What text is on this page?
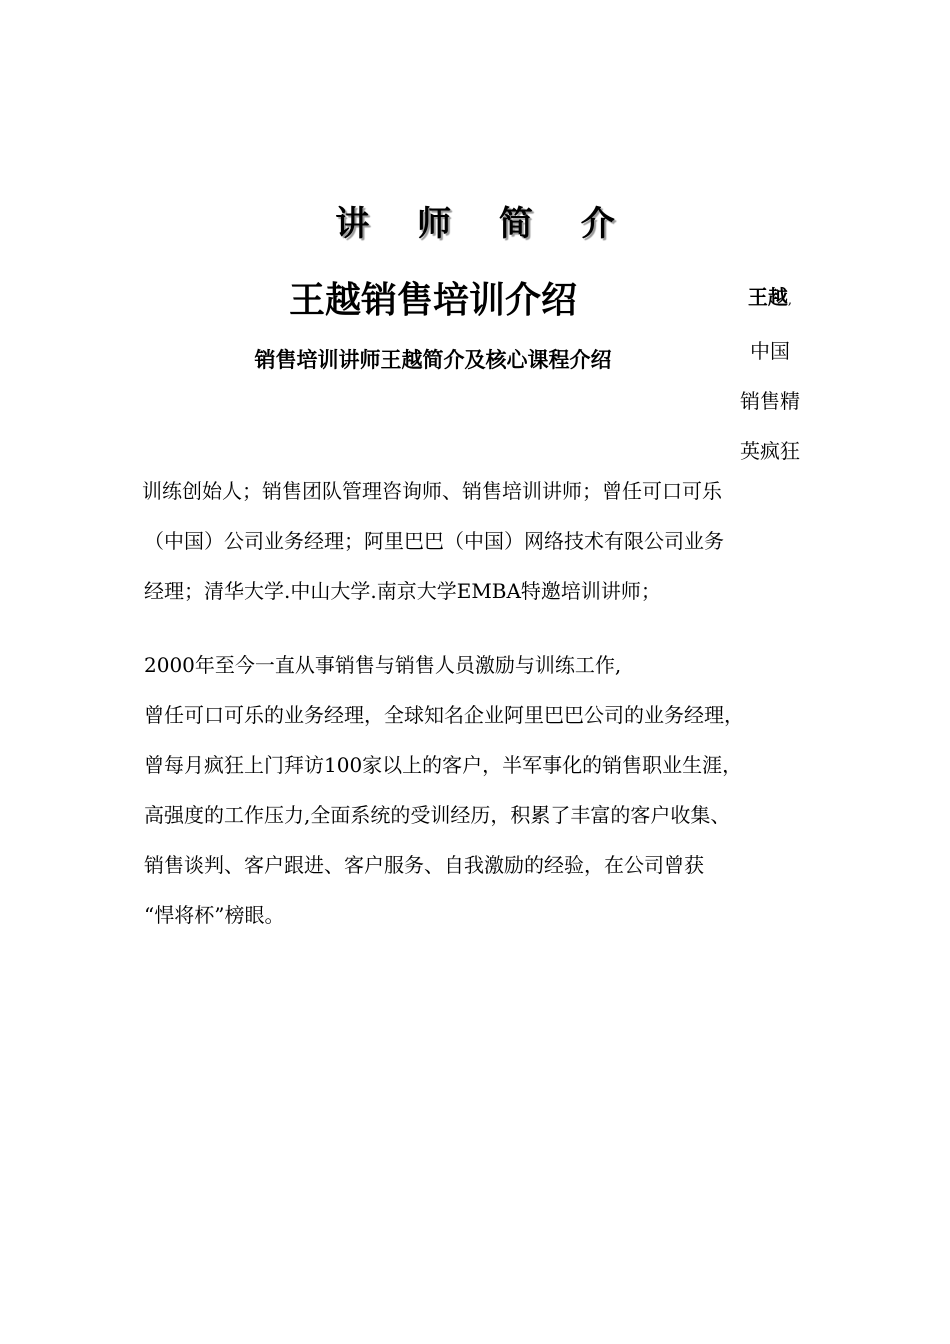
讲 师 简 介
王越销售培训介绍
销售培训讲师王越简介及核心课程介绍
王越,
中国
销售精
英疯狂
训练创始人；销售团队管理咨询师、销售培训讲师；曾任可口可乐
（中国）公司业务经理；阿里巴巴（中国）网络技术有限公司业务
经理；清华大学.中山大学.南京大学EMBA特邀培训讲师；
2000年至今一直从事销售与销售人员激励与训练工作,
曾任可口可乐的业务经理，全球知名企业阿里巴巴公司的业务经理，
曾每月疯狂上门拜访100家以上的客户，半军事化的销售职业生涯，
高强度的工作压力,全面系统的受训经历，积累了丰富的客户收集、
销售谈判、客户跟进、客户服务、自我激励的经验，在公司曾获
“悍将杯”榜眼。
